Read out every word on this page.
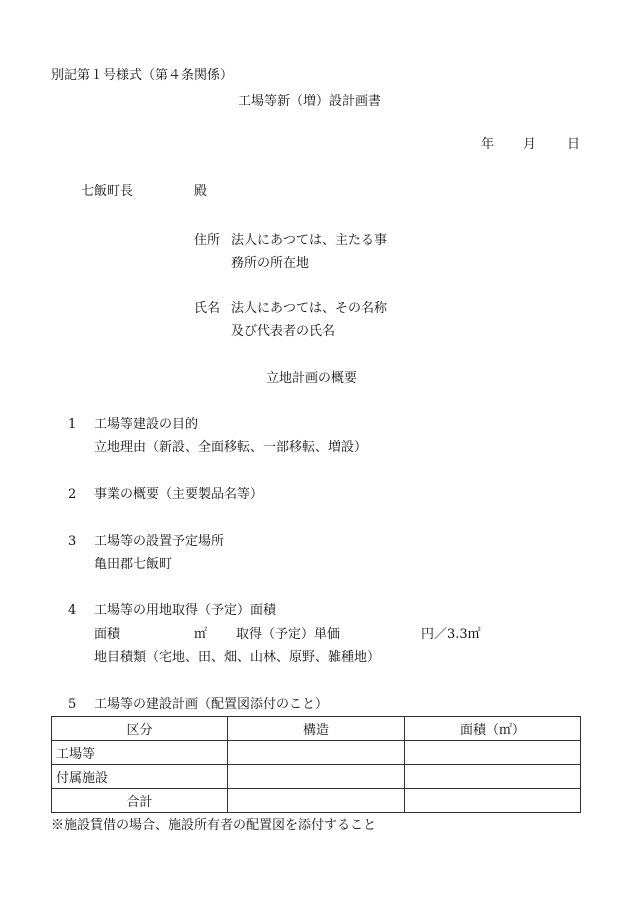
別記第１号様式（第４条関係）
工場等新（増）設計画書
年 月 日
七飯町長	殿
住所 法人にあつては、主たる事
務所の所在地
氏名 法人にあつては、その名称
及び代表者の氏名
立地計画の概要
1 工場等建設の目的
立地理由（新設、全面移転、一部移転、増設）
2 事業の概要（主要製品名等）
3 工場等の設置予定場所
亀田郡七飯町
4 工場等の用地取得（予定）面積
面積	㎡ 取得（予定）単価	円／3.3㎡
地目積類（宅地、田、畑、山林、原野、雑種地）
5 工場等の建設計画（配置図添付のこと）
区分	構造	面積（㎡）
工場等		
付属施設		
合計		
※施設賃借の場合、施設所有者の配置図を添付すること
